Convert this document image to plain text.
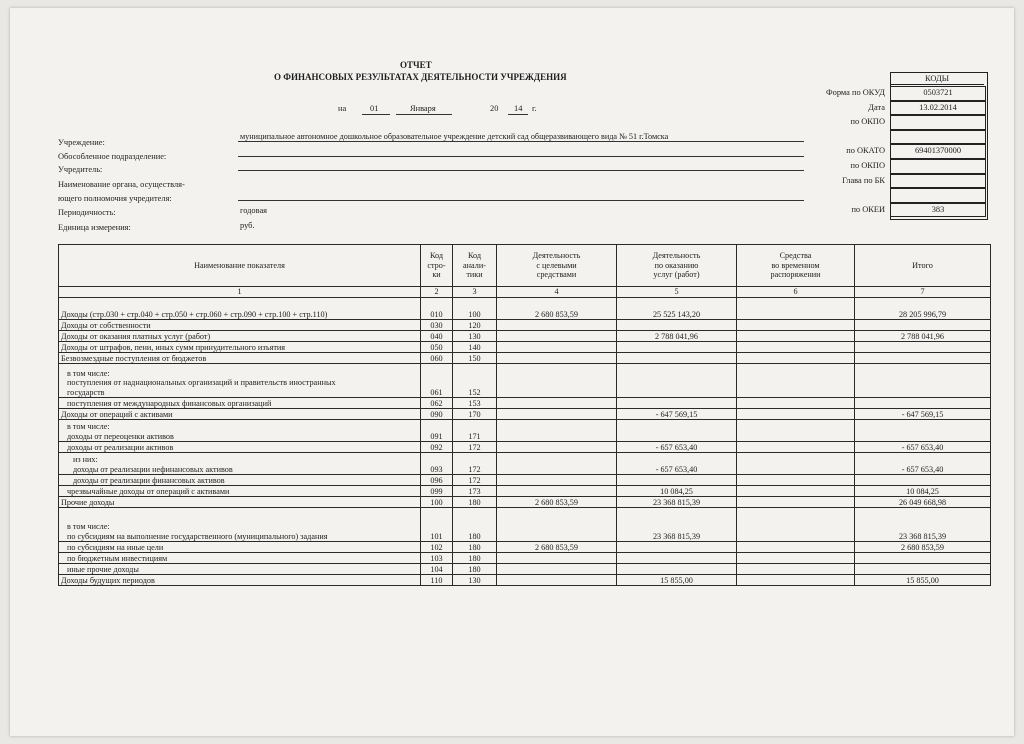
ОТЧЕТ
О ФИНАНСОВЫХ РЕЗУЛЬТАТАХ ДЕЯТЕЛЬНОСТИ УЧРЕЖДЕНИЯ
на	01	Января	20 14 г.
КОДЫ
0503721
Форма по ОКУД
13.02.2014
Дата
по ОКПО
69401370000
по ОКАТО
по ОКПО
Глава по БК
383
по ОКЕИ
Учреждение:
муниципальное автономное дошкольное образовательное учреждение детский сад общеразвивающего вида № 51 г.Томска
Обособленное подразделение:
Учредитель:
Наименование органа, осуществля-
ющего полномочия учредителя:
Периодичность:	годовая
Единица измерения:	руб.
Наименование показателя	Код
стро-
ки	Код
анали-
тики	Деятельность
с целевыми
средствами	Деятельность
по оказанию
услуг (работ)	Средства
во временном
распоряжении	Итого
1	2	3	4	5	6	7
Доходы (стр.030 + стр.040 + стр.050 + стр.060 + стр.090 + стр.100 + стр.110)	010	100	2 680 853,59	25 525 143,20		28 205 996,79
Доходы от собственности	030	120				
Доходы от оказания платных услуг (работ)	040	130		2 788 041,96		2 788 041,96
Доходы от штрафов, пени, иных сумм принудительного изъятия	050	140				
Безвозмездные поступления от бюджетов	060	150				
в том числе:
поступления от наднациональных организаций и правительств иностранных
государств	061	152				
поступления от международных финансовых организаций	062	153				
Доходы от операций с активами	090	170		- 647 569,15		- 647 569,15
в том числе:
доходы от переоценки активов	091	171				
доходы от реализации активов	092	172		- 657 653,40		- 657 653,40
из них:
доходы от реализации нефинансовых активов	093	172		- 657 653,40		- 657 653,40
доходы от реализации финансовых активов	096	172				
чрезвычайные доходы от операций с активами	099	173		10 084,25		10 084,25
Прочие доходы	100	180	2 680 853,59	23 368 815,39		26 049 668,98
в том числе:
по субсидиям на выполнение государственного (муниципального) задания	101	180		23 368 815,39		23 368 815,39
по субсидиям на иные цели	102	180	2 680 853,59			2 680 853,59
по бюджетным инвестициям	103	180				
иные прочие доходы	104	180				
Доходы будущих периодов	110	130		15 855,00		15 855,00
